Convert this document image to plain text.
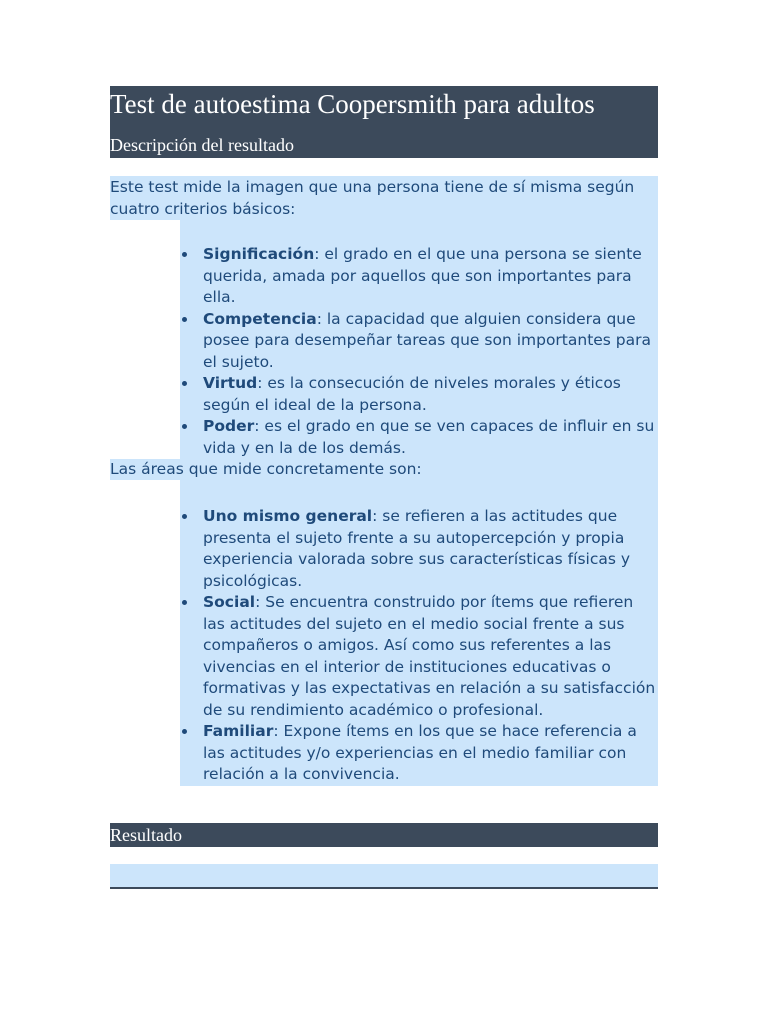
Test de autoestima Coopersmith para adultos
Descripción del resultado
Este test mide la imagen que una persona tiene de sí misma según cuatro criterios básicos:
Significación: el grado en el que una persona se siente querida, amada por aquellos que son importantes para ella.
Competencia: la capacidad que alguien considera que posee para desempeñar tareas que son importantes para el sujeto.
Virtud: es la consecución de niveles morales y éticos según el ideal de la persona.
Poder: es el grado en que se ven capaces de influir en su vida y en la de los demás.
Las áreas que mide concretamente son:
Uno mismo general: se refieren a las actitudes que presenta el sujeto frente a su autopercepción y propia experiencia valorada sobre sus características físicas y psicológicas.
Social: Se encuentra construido por ítems que refieren las actitudes del sujeto en el medio social frente a sus compañeros o amigos. Así como sus referentes a las vivencias en el interior de instituciones educativas o formativas y las expectativas en relación a su satisfacción de su rendimiento académico o profesional.
Familiar: Expone ítems en los que se hace referencia a las actitudes y/o experiencias en el medio familiar con relación a la convivencia.
Resultado
